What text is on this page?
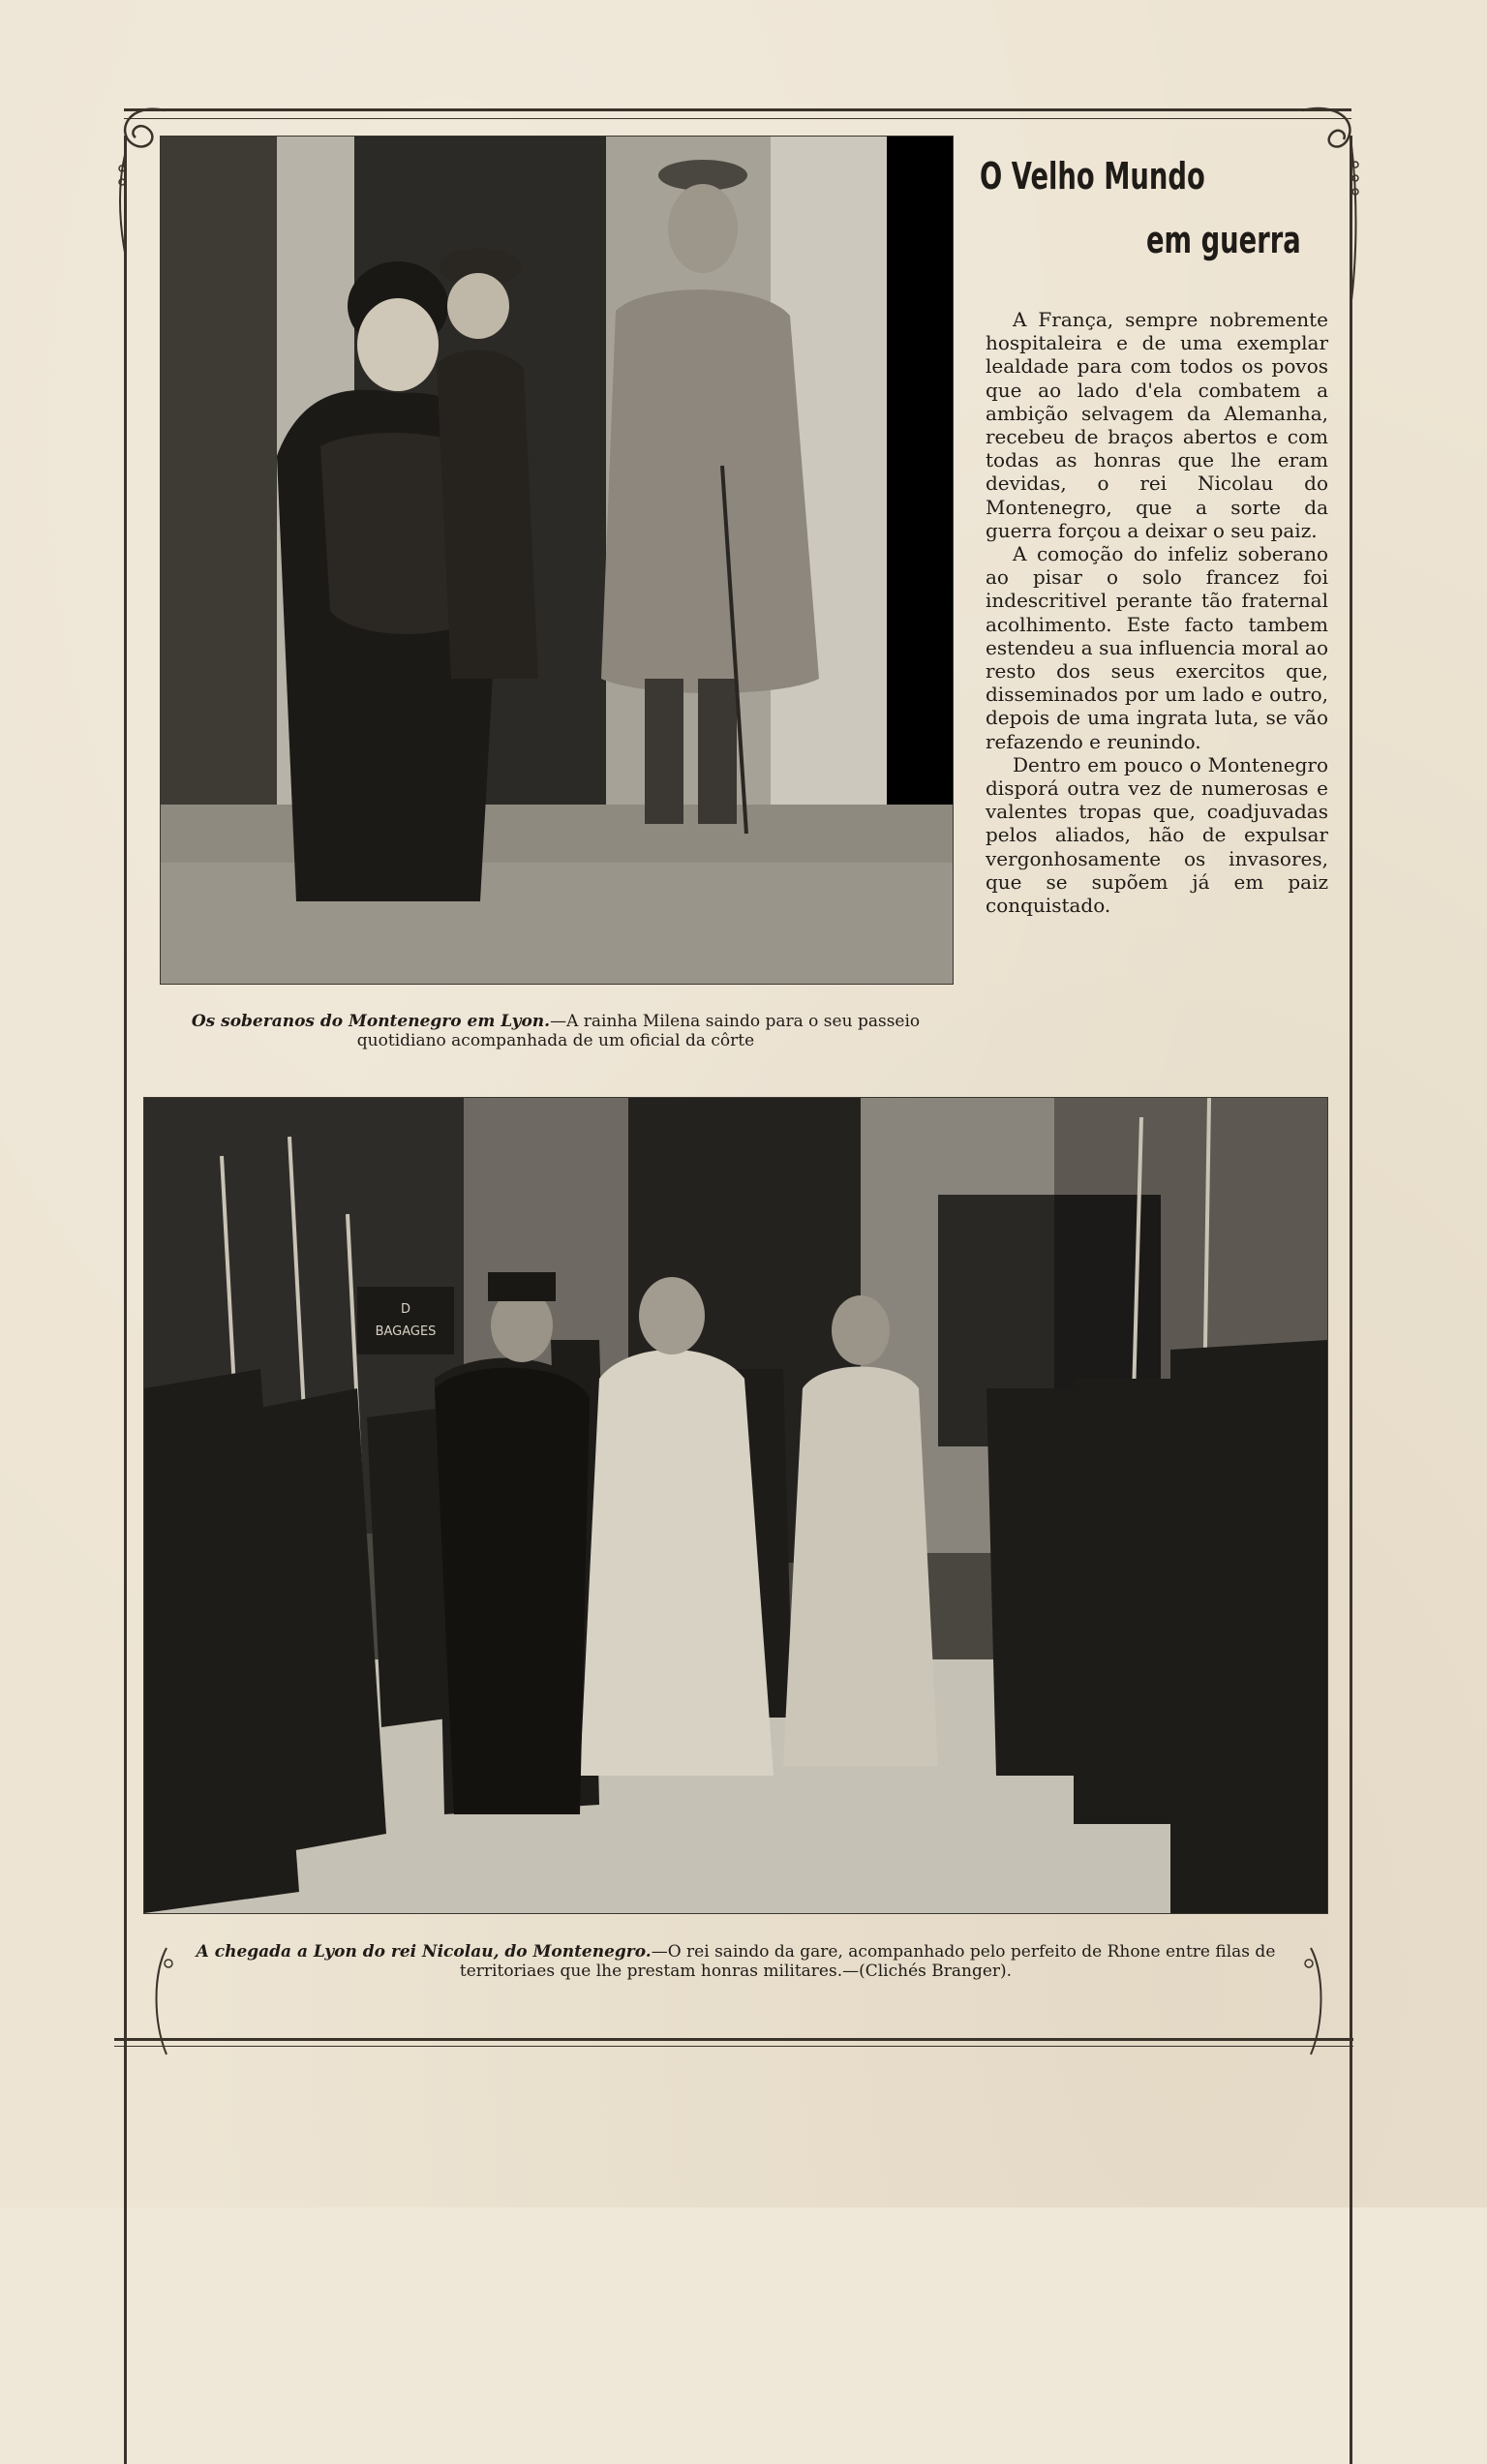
Os soberanos do Montenegro em Lyon.—A rainha Milena saindo para o seu passeio quotidiano acompanhada de um oficial da côrte
O Velho Mundo
em guerra

A França, sempre nobremente hospitaleira e de uma exemplar lealdade para com todos os povos que ao lado d'ela combatem a ambição selvagem da Alemanha, recebeu de braços abertos e com todas as honras que lhe eram devidas, o rei Nicolau do Montenegro, que a sorte da guerra forçou a deixar o seu paiz.

A comoção do infeliz soberano ao pisar o solo francez foi indescritivel perante tão fraternal acolhimento. Este facto tambem estendeu a sua influencia moral ao resto dos seus exercitos que, disseminados por um lado e outro, depois de uma ingrata luta, se vão refazendo e reunindo.

Dentro em pouco o Montenegro disporá outra vez de numerosas e valentes tropas que, coadjuvadas pelos aliados, hão de expulsar vergonhosamente os invasores, que se supõem já em paiz conquistado.

D
BAGAGES
A chegada a Lyon do rei Nicolau, do Montenegro.—O rei saindo da gare, acompanhado pelo perfeito de Rhone entre filas de territoriaes que lhe prestam honras militares.—(Clichés Branger).
